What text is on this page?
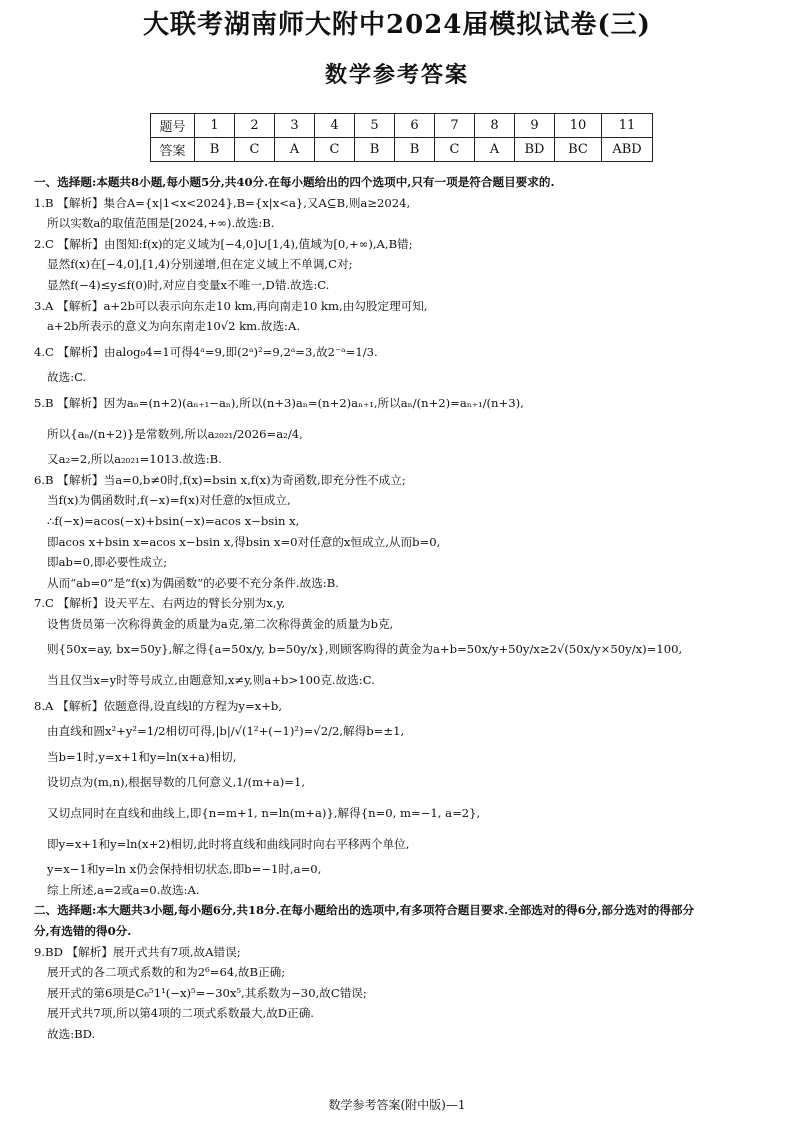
大联考湖南师大附中2024届模拟试卷(三)
数学参考答案
题号	1	2	3	4	5	6	7	8	9	10	11
答案	B	C	A	C	B	B	C	A	BD	BC	ABD
一、选择题:本题共8小题,每小题5分,共40分.在每小题给出的四个选项中,只有一项是符合题目要求的.
1.B 【解析】集合A={x|1<x<2024},B={x|x<a},又A⊆B,则a≥2024,
所以实数a的取值范围是[2024,+∞).故选:B.
2.C 【解析】由图知:f(x)的定义域为[−4,0]∪[1,4),值域为[0,+∞),A,B错;
显然f(x)在[−4,0],[1,4)分别递增,但在定义域上不单调,C对;
显然f(−4)≤y≤f(0)时,对应自变量x不唯一,D错.故选:C.
3.A 【解析】a+2b可以表示向东走10 km,再向南走10 km,由勾股定理可知,
a+2b所表示的意义为向东南走10√2 km.故选:A.
4.C 【解析】由alog₉4=1可得4ᵃ=9,即(2ᵃ)²=9,2ᵃ=3,故2⁻ᵃ=1/3.
故选:C.
5.B 【解析】因为aₙ=(n+2)(aₙ₊₁−aₙ),所以(n+3)aₙ=(n+2)aₙ₊₁,所以aₙ/(n+2)=aₙ₊₁/(n+3),
所以{aₙ/(n+2)}是常数列,所以a₂₀₂₁/2026=a₂/4,
又a₂=2,所以a₂₀₂₁=1013.故选:B.
6.B 【解析】当a=0,b≠0时,f(x)=bsin x,f(x)为奇函数,即充分性不成立;
当f(x)为偶函数时,f(−x)=f(x)对任意的x恒成立,
∴f(−x)=acos(−x)+bsin(−x)=acos x−bsin x,
即acos x+bsin x=acos x−bsin x,得bsin x=0对任意的x恒成立,从而b=0,
即ab=0,即必要性成立;
从而“ab=0”是“f(x)为偶函数”的必要不充分条件.故选:B.
7.C 【解析】设天平左、右两边的臂长分别为x,y,
设售货员第一次称得黄金的质量为a克,第二次称得黄金的质量为b克,
则{50x=ay, bx=50y},解之得{a=50x/y, b=50y/x},则顾客购得的黄金为a+b=50x/y+50y/x≥2√(50x/y×50y/x)=100,
当且仅当x=y时等号成立,由题意知,x≠y,则a+b>100克.故选:C.
8.A 【解析】依题意得,设直线l的方程为y=x+b,
由直线和圆x²+y²=1/2相切可得,|b|/√(1²+(−1)²)=√2/2,解得b=±1,
当b=1时,y=x+1和y=ln(x+a)相切,
设切点为(m,n),根据导数的几何意义,1/(m+a)=1,
又切点同时在直线和曲线上,即{n=m+1, n=ln(m+a)},解得{n=0, m=−1, a=2},
即y=x+1和y=ln(x+2)相切,此时将直线和曲线同时向右平移两个单位,
y=x−1和y=ln x仍会保持相切状态,即b=−1时,a=0,
综上所述,a=2或a=0.故选:A.
二、选择题:本大题共3小题,每小题6分,共18分.在每小题给出的选项中,有多项符合题目要求.全部选对的得6分,部分选对的得部分
分,有选错的得0分.
9.BD 【解析】展开式共有7项,故A错误;
展开式的各二项式系数的和为2⁶=64,故B正确;
展开式的第6项是C₆⁵1¹(−x)⁵=−30x⁵,其系数为−30,故C错误;
展开式共7项,所以第4项的二项式系数最大,故D正确.
故选:BD.
数学参考答案(附中版)—1
